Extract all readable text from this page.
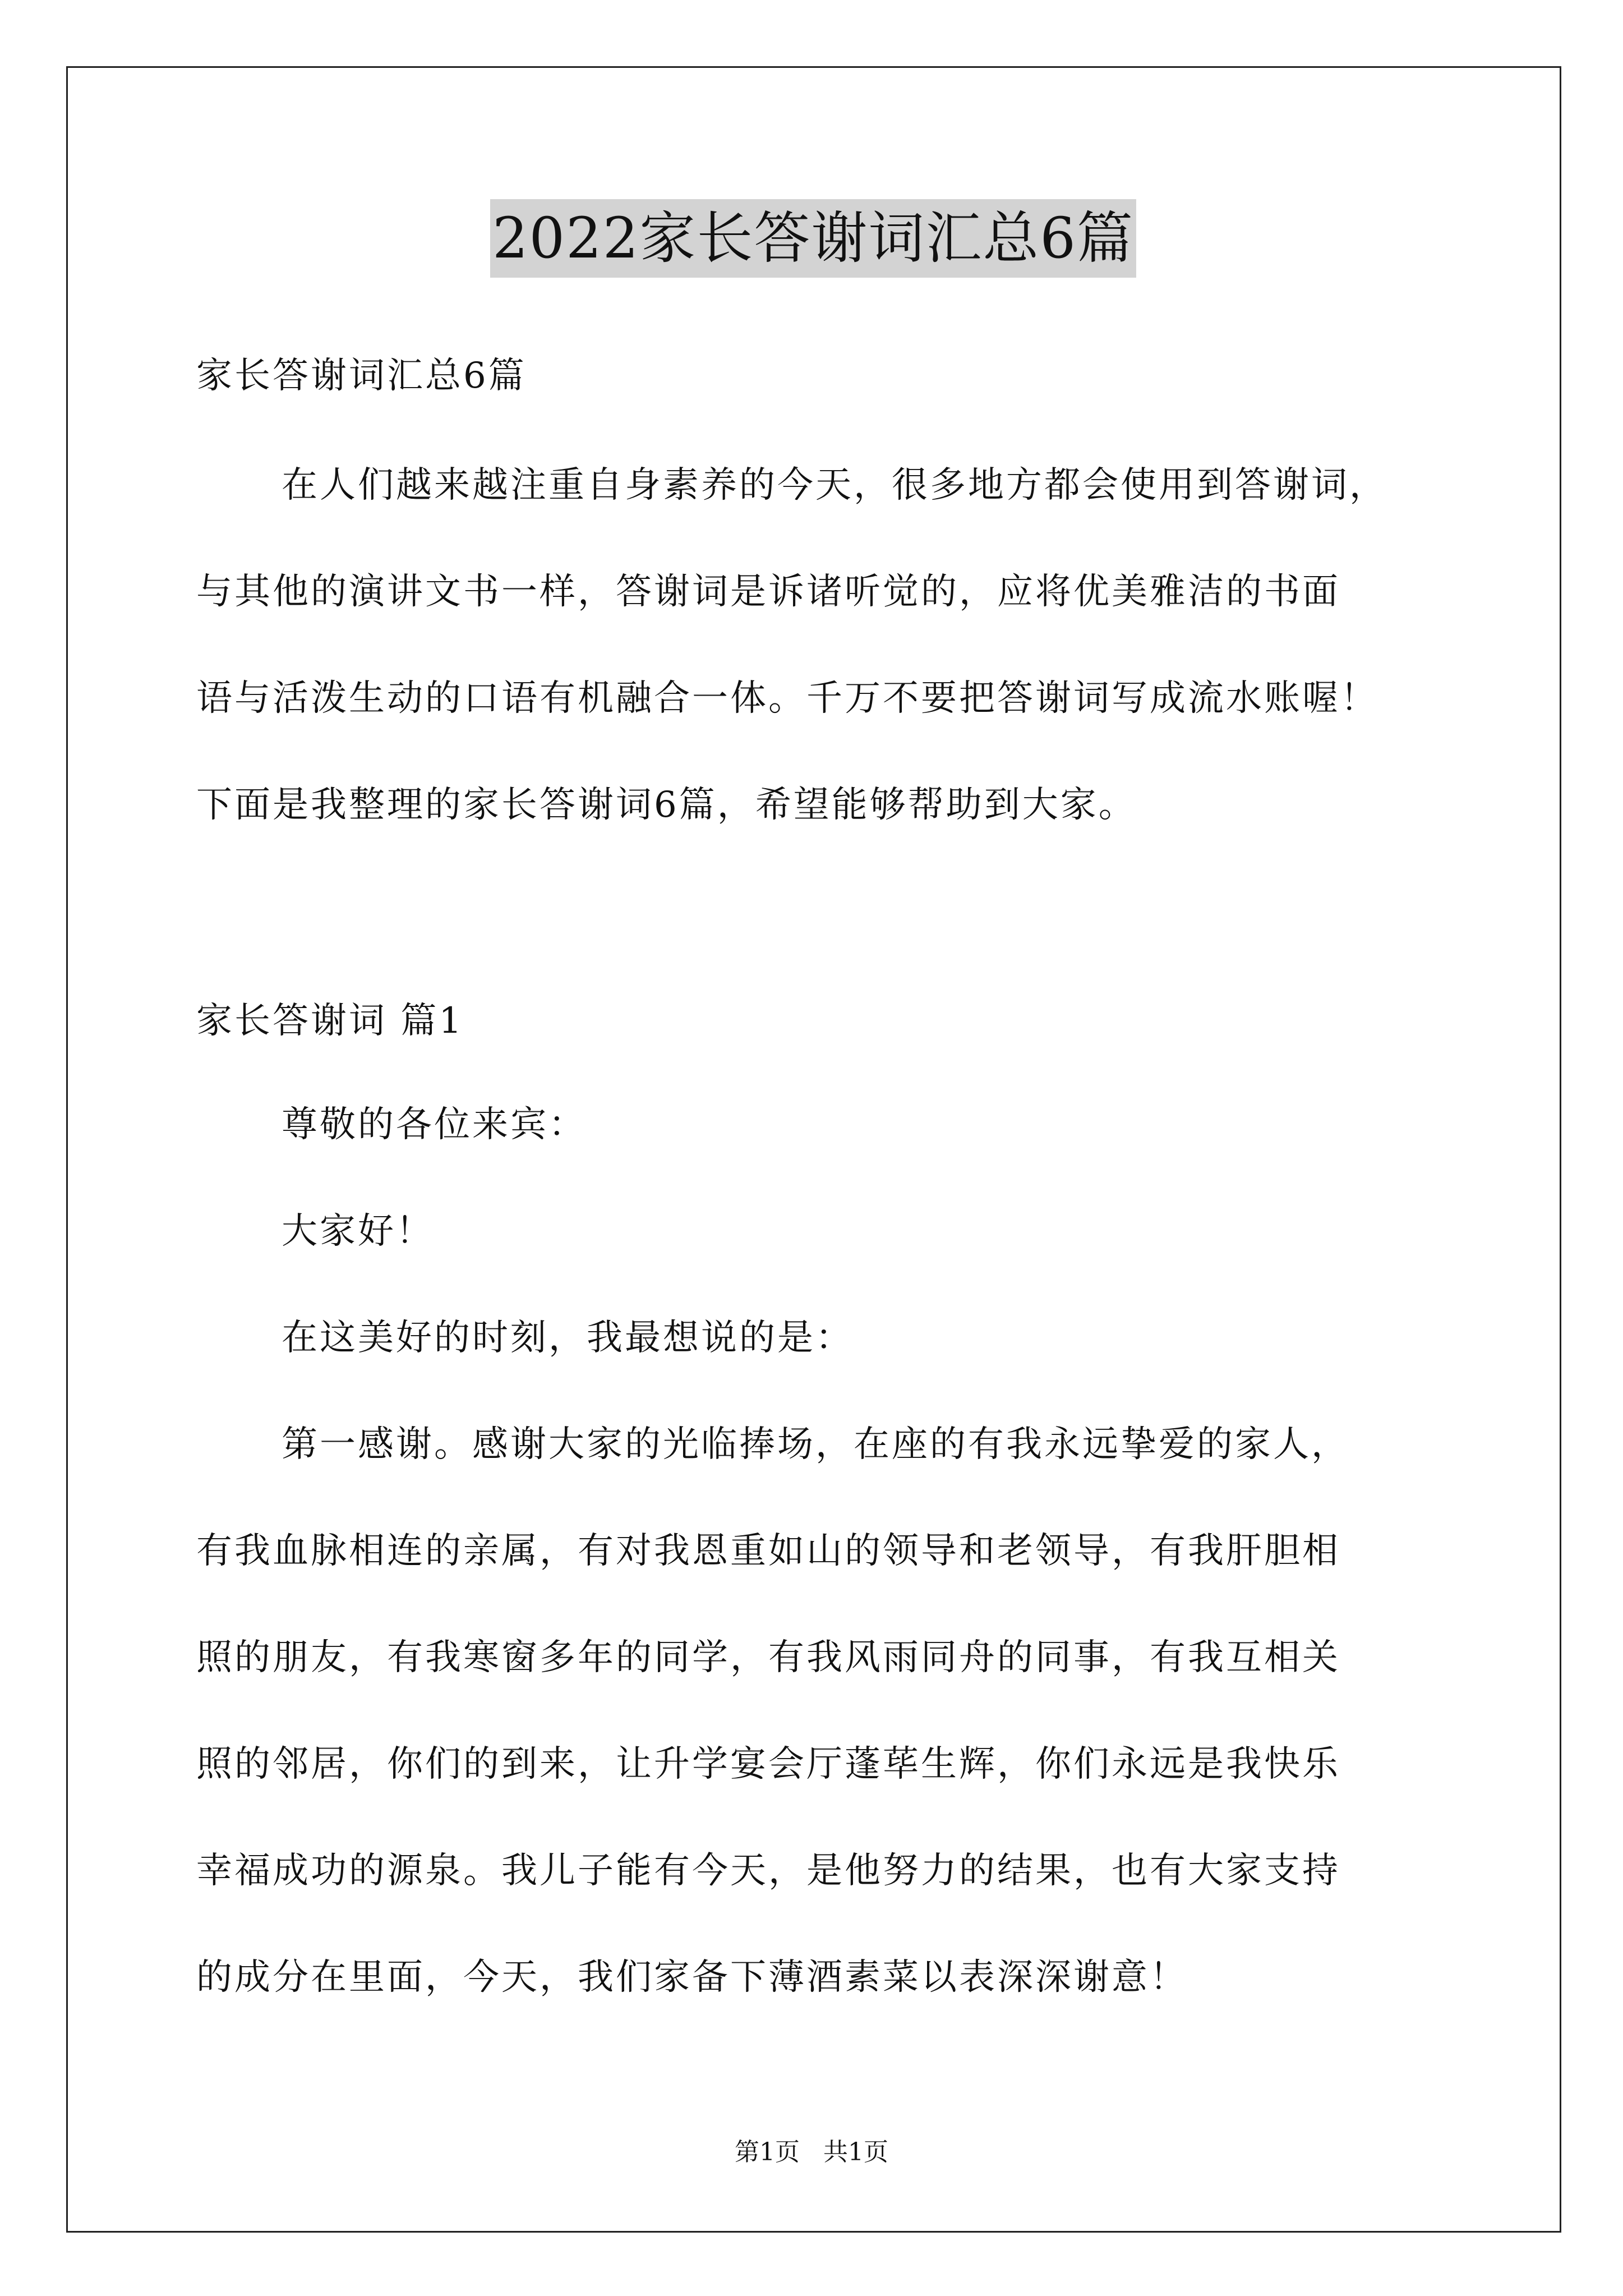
2022家长答谢词汇总6篇
家长答谢词汇总6篇
在人们越来越注重自身素养的今天，很多地方都会使用到答谢词，
与其他的演讲文书一样，答谢词是诉诸听觉的，应将优美雅洁的书面
语与活泼生动的口语有机融合一体。千万不要把答谢词写成流水账喔！
下面是我整理的家长答谢词6篇，希望能够帮助到大家。
家长答谢词 篇1
尊敬的各位来宾：
大家好！
在这美好的时刻，我最想说的是：
第一感谢。感谢大家的光临捧场，在座的有我永远挚爱的家人，
有我血脉相连的亲属，有对我恩重如山的领导和老领导，有我肝胆相
照的朋友，有我寒窗多年的同学，有我风雨同舟的同事，有我互相关
照的邻居，你们的到来，让升学宴会厅蓬荜生辉，你们永远是我快乐
幸福成功的源泉。我儿子能有今天，是他努力的结果，也有大家支持
的成分在里面，今天，我们家备下薄酒素菜以表深深谢意！
第1页 共1页
